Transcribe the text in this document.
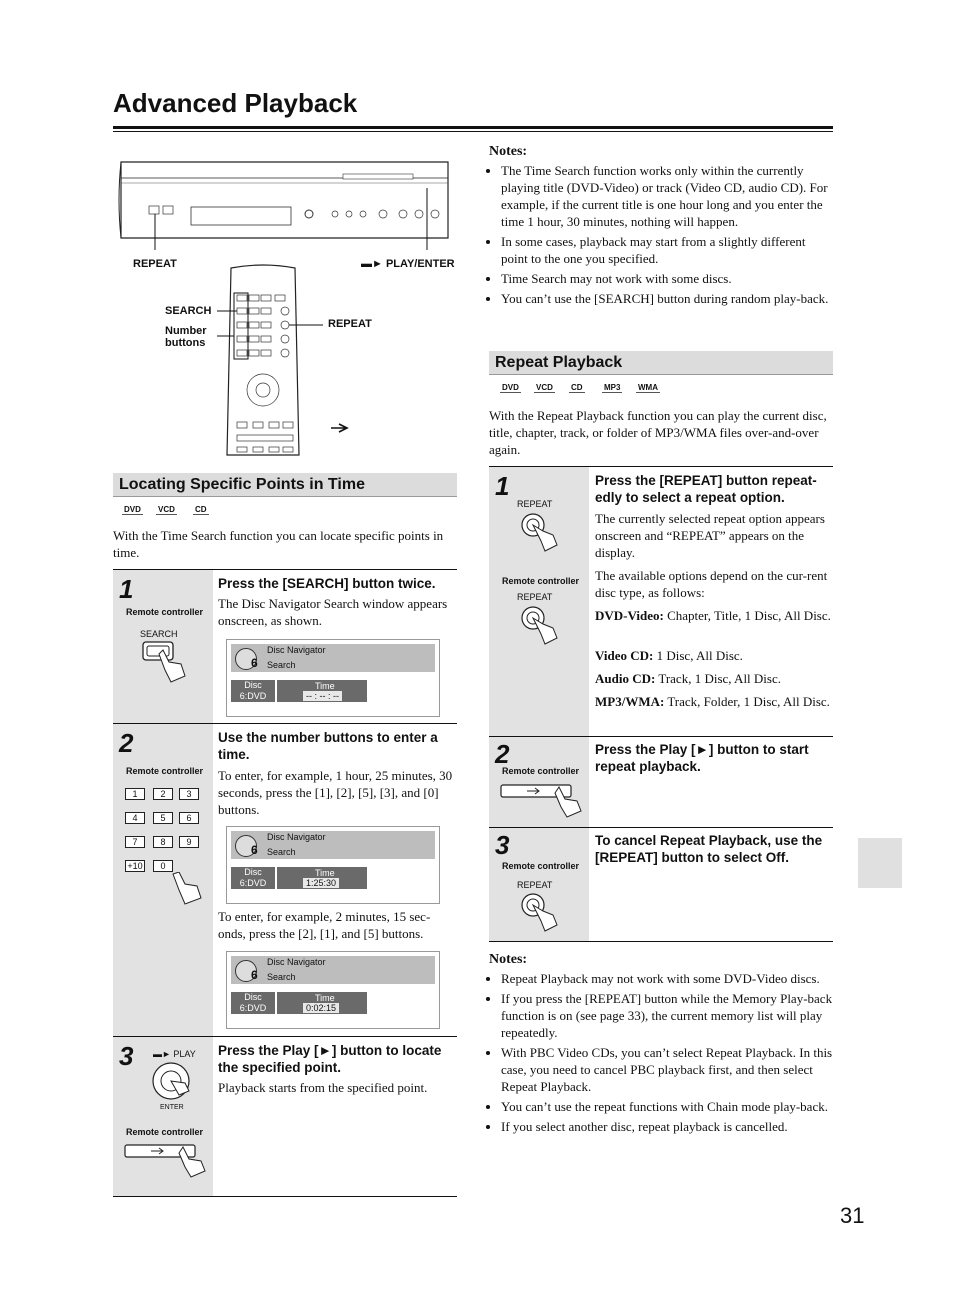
Advanced Playback
REPEAT	▬► PLAY/ENTER
SEARCH
Number
buttons
REPEAT
Notes:
• The Time Search function works only within the currently playing title (DVD-Video) or track (Video CD, audio CD). For example, if the current title is one hour long and you enter the time 1 hour, 30 minutes, nothing will happen.
• In some cases, playback may start from a slightly different point to the one you specified.
• Time Search may not work with some discs.
• You can’t use the [SEARCH] button during random play-back.
Locating Specific Points in Time
DVD VCD	CD
With the Time Search function you can locate specific points in time.
1
Remote controller
SEARCH
Press the [SEARCH] button twice.
The Disc Navigator Search window appears onscreen, as shown.
6
Disc Navigator
Search
Disc
6:DVD
Time
-- : -- : --
2
Remote controller
1	2	3
4	5	6
7	8	9
+10	0
Use the number buttons to enter a time.
To enter, for example, 1 hour, 25 minutes, 30 seconds, press the [1], [2], [5], [3], and [0] buttons.
To enter, for example, 2 minutes, 15 sec-onds, press the [2], [1], and [5] buttons.
6
Disc Navigator
Search
Disc
6:DVD
Time
1:25:30
6
Disc Navigator
Search
Disc
6:DVD
Time
0:02:15
3 ▬► PLAY
ENTER
Remote controller
Press the Play [►] button to locate the specified point.
Playback starts from the specified point.
Repeat Playback
DVD VCD CD	MP3 WMA
With the Repeat Playback function you can play the current disc, title, chapter, track, or folder of MP3/WMA files over-and-over again.
1
REPEAT
Remote controller
REPEAT
Press the [REPEAT] button repeat-edly to select a repeat option.
The currently selected repeat option appears onscreen and “REPEAT” appears on the display.
The available options depend on the cur-rent disc type, as follows:
DVD-Video: Chapter, Title, 1 Disc, All Disc.
Video CD: 1 Disc, All Disc.
Audio CD: Track, 1 Disc, All Disc.
MP3/WMA: Track, Folder, 1 Disc, All Disc.
2
Remote controller
Press the Play [►] button to start repeat playback.
3
Remote controller
REPEAT
To cancel Repeat Playback, use the [REPEAT] button to select Off.
Notes:
• Repeat Playback may not work with some DVD-Video discs.
• If you press the [REPEAT] button while the Memory Play-back function is on (see page 33), the current memory list will play repeatedly.
• With PBC Video CDs, you can’t select Repeat Playback. In this case, you need to cancel PBC playback first, and then select Repeat Playback.
• You can’t use the repeat functions with Chain mode play-back.
• If you select another disc, repeat playback is cancelled.
31
